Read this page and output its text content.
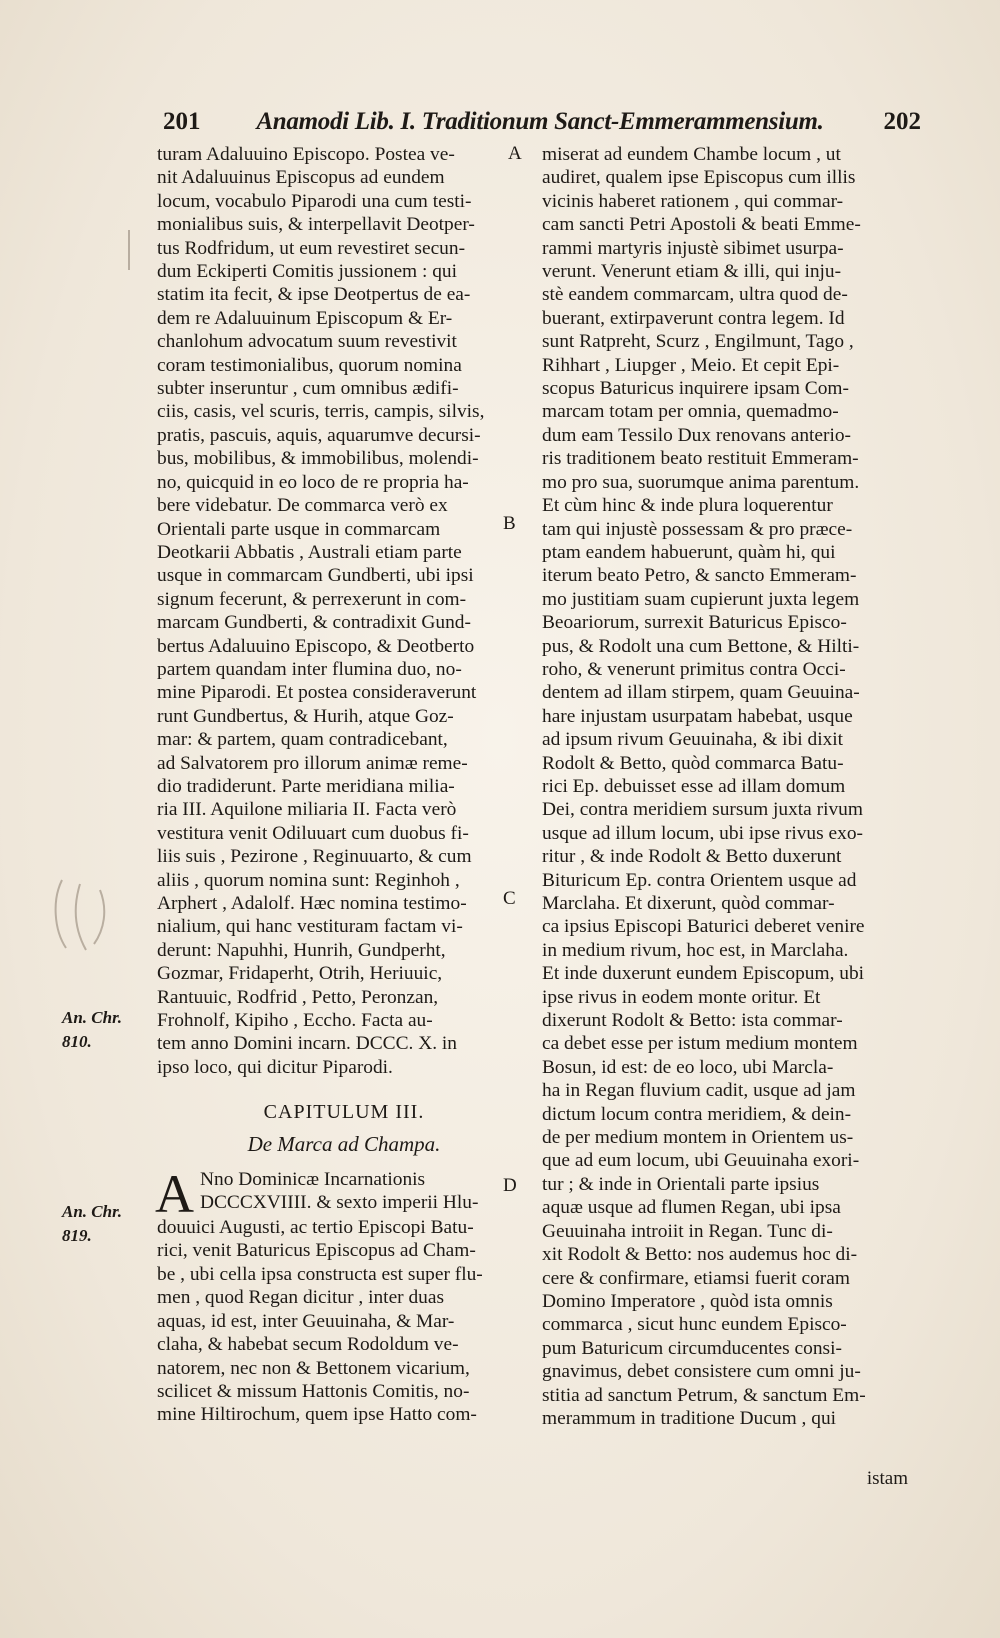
201	Anamodi Lib. I. Traditionum Sanct-Emmerammensium.	202
A
B
C
D
An. Chr.
810.
An. Chr.
819.
turam Adaluuino Episcopo. Postea ve-
nit Adaluuinus Episcopus ad eundem
locum, vocabulo Piparodi una cum testi-
monialibus suis, & interpellavit Deotper-
tus Rodfridum, ut eum revestiret secun-
dum Eckiperti Comitis jussionem : qui
statim ita fecit, & ipse Deotpertus de ea-
dem re Adaluuinum Episcopum & Er-
chanlohum advocatum suum revestivit
coram testimonialibus, quorum nomina
subter inseruntur , cum omnibus ædifi-
ciis, casis, vel scuris, terris, campis, silvis,
pratis, pascuis, aquis, aquarumve decursi-
bus, mobilibus, & immobilibus, molendi-
no, quicquid in eo loco de re propria ha-
bere videbatur. De commarca verò ex
Orientali parte usque in commarcam
Deotkarii Abbatis , Australi etiam parte
usque in commarcam Gundberti, ubi ipsi
signum fecerunt, & perrexerunt in com-
marcam Gundberti, & contradixit Gund-
bertus Adaluuino Episcopo, & Deotberto
partem quandam inter flumina duo, no-
mine Piparodi. Et postea consideraverunt
runt Gundbertus, & Hurih, atque Goz-
mar: & partem, quam contradicebant,
ad Salvatorem pro illorum animæ reme-
dio tradiderunt. Parte meridiana milia-
ria III. Aquilone miliaria II. Facta verò
vestitura venit Odiluuart cum duobus fi-
liis suis , Pezirone , Reginuuarto, & cum
aliis , quorum nomina sunt: Reginhoh ,
Arphert , Adalolf. Hæc nomina testimo-
nialium, qui hanc vestituram factam vi-
derunt: Napuhhi, Hunrih, Gundperht,
Gozmar, Fridaperht, Otrih, Heriuuic,
Rantuuic, Rodfrid , Petto, Peronzan,
Frohnolf, Kipiho , Eccho. Facta au-
tem anno Domini incarn. DCCC. X. in
ipso loco, qui dicitur Piparodi.
CAPITULUM III.
De Marca ad Champa.
A Nno Dominicæ Incarnationis
DCCCXVIIII. & sexto imperii Hlu-
douuici Augusti, ac tertio Episcopi Batu-
rici, venit Baturicus Episcopus ad Cham-
be , ubi cella ipsa constructa est super flu-
men , quod Regan dicitur , inter duas
aquas, id est, inter Geuuinaha, & Mar-
claha, & habebat secum Rodoldum ve-
natorem, nec non & Bettonem vicarium,
scilicet & missum Hattonis Comitis, no-
mine Hiltirochum, quem ipse Hatto com-
miserat ad eundem Chambe locum , ut
audiret, qualem ipse Episcopus cum illis
vicinis haberet rationem , qui commar-
cam sancti Petri Apostoli & beati Emme-
rammi martyris injustè sibimet usurpa-
verunt. Venerunt etiam & illi, qui inju-
stè eandem commarcam, ultra quod de-
buerant, extirpaverunt contra legem. Id
sunt Ratpreht, Scurz , Engilmunt, Tago ,
Rihhart , Liupger , Meio. Et cepit Epi-
scopus Baturicus inquirere ipsam Com-
marcam totam per omnia, quemadmo-
dum eam Tessilo Dux renovans anterio-
ris traditionem beato restituit Emmeram-
mo pro sua, suorumque anima parentum.
Et cùm hinc & inde plura loquerentur
tam qui injustè possessam & pro præce-
ptam eandem habuerunt, quàm hi, qui
iterum beato Petro, & sancto Emmeram-
mo justitiam suam cupierunt juxta legem
Beoariorum, surrexit Baturicus Episco-
pus, & Rodolt una cum Bettone, & Hilti-
roho, & venerunt primitus contra Occi-
dentem ad illam stirpem, quam Geuuina-
hare injustam usurpatam habebat, usque
ad ipsum rivum Geuuinaha, & ibi dixit
Rodolt & Betto, quòd commarca Batu-
rici Ep. debuisset esse ad illam domum
Dei, contra meridiem sursum juxta rivum
usque ad illum locum, ubi ipse rivus exo-
ritur , & inde Rodolt & Betto duxerunt
Bituricum Ep. contra Orientem usque ad
Marclaha. Et dixerunt, quòd commar-
ca ipsius Episcopi Baturici deberet venire
in medium rivum, hoc est, in Marclaha.
Et inde duxerunt eundem Episcopum, ubi
ipse rivus in eodem monte oritur. Et
dixerunt Rodolt & Betto: ista commar-
ca debet esse per istum medium montem
Bosun, id est: de eo loco, ubi Marcla-
ha in Regan fluvium cadit, usque ad jam
dictum locum contra meridiem, & dein-
de per medium montem in Orientem us-
que ad eum locum, ubi Geuuinaha exori-
tur ; & inde in Orientali parte ipsius
aquæ usque ad flumen Regan, ubi ipsa
Geuuinaha introiit in Regan. Tunc di-
xit Rodolt & Betto: nos audemus hoc di-
cere & confirmare, etiamsi fuerit coram
Domino Imperatore , quòd ista omnis
commarca , sicut hunc eundem Episco-
pum Baturicum circumducentes consi-
gnavimus, debet consistere cum omni ju-
stitia ad sanctum Petrum, & sanctum Em-
merammum in traditione Ducum , qui
istam
